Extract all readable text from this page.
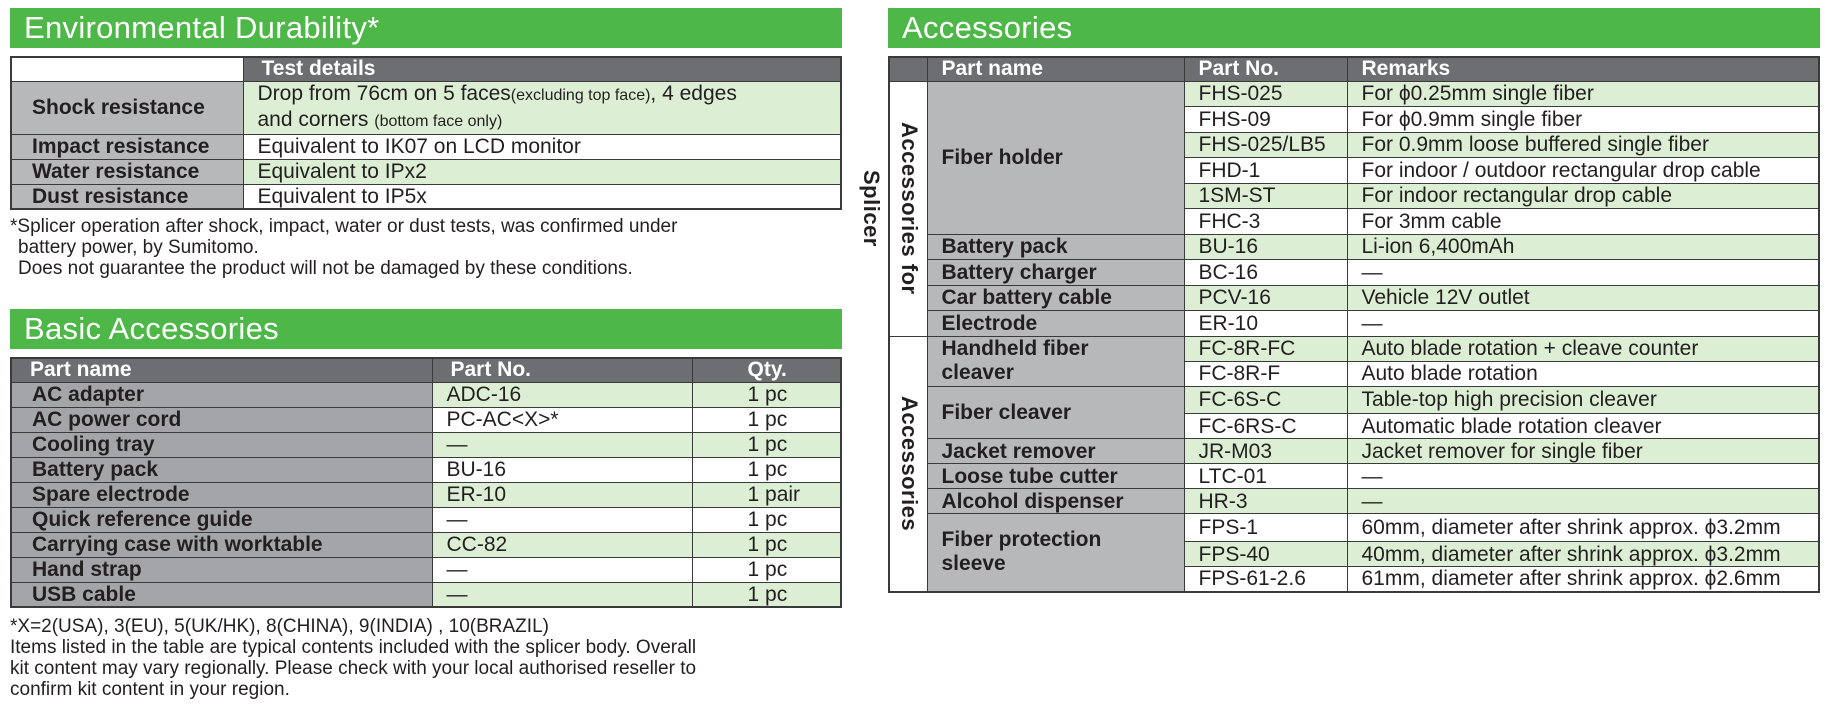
Environmental Durability*
	Test details
Shock resistance	Drop from 76cm on 5 faces(excluding top face), 4 edges
and corners (bottom face only)
Impact resistance	Equivalent to IK07 on LCD monitor
Water resistance	Equivalent to IPx2
Dust resistance	Equivalent to IP5x

*Splicer operation after shock, impact, water or dust tests, was confirmed under

battery power, by Sumitomo.

Does not guarantee the product will not be damaged by these conditions.

Basic Accessories
Part name	Part No.	Qty.
AC adapter	ADC-16	1 pc
AC power cord	PC-AC<X>*	1 pc
Cooling tray	—	1 pc
Battery pack	BU-16	1 pc
Spare electrode	ER-10	1 pair
Quick reference guide	—	1 pc
Carrying case with worktable	CC-82	1 pc
Hand strap	—	1 pc
USB cable	—	1 pc

*X=2(USA), 3(EU), 5(UK/HK), 8(CHINA), 9(INDIA) , 10(BRAZIL)

Items listed in the table are typical contents included with the splicer body. Overall

kit content may vary regionally. Please check with your local authorised reseller to

confirm kit content in your region.

Accessories
	Part name	Part No.	Remarks

Accessories for Splicer	Fiber holder	FHS-025	For ϕ0.25mm single fiber
		FHS-09	For ϕ0.9mm single fiber
		FHS-025/LB5	For 0.9mm loose buffered single fiber
		FHD-1	For indoor / outdoor rectangular drop cable
		1SM-ST	For indoor rectangular drop cable
		FHC-3	For 3mm cable
	Battery pack	BU-16	Li-ion 6,400mAh
	Battery charger	BC-16	—
	Car battery cable	PCV-16	Vehicle 12V outlet
	Electrode	ER-10	—

Accessories	Handheld fiber
cleaver	FC-8R-FC	Auto blade rotation + cleave counter
		FC-8R-F	Auto blade rotation
	Fiber cleaver	FC-6S-C	Table-top high precision cleaver
		FC-6RS-C	Automatic blade rotation cleaver
	Jacket remover	JR-M03	Jacket remover for single fiber
	Loose tube cutter	LTC-01	—
	Alcohol dispenser	HR-3	—
	Fiber protection
sleeve	FPS-1	60mm, diameter after shrink approx. ϕ3.2mm
		FPS-40	40mm, diameter after shrink approx. ϕ3.2mm
		FPS-61-2.6	61mm, diameter after shrink approx. ϕ2.6mm
